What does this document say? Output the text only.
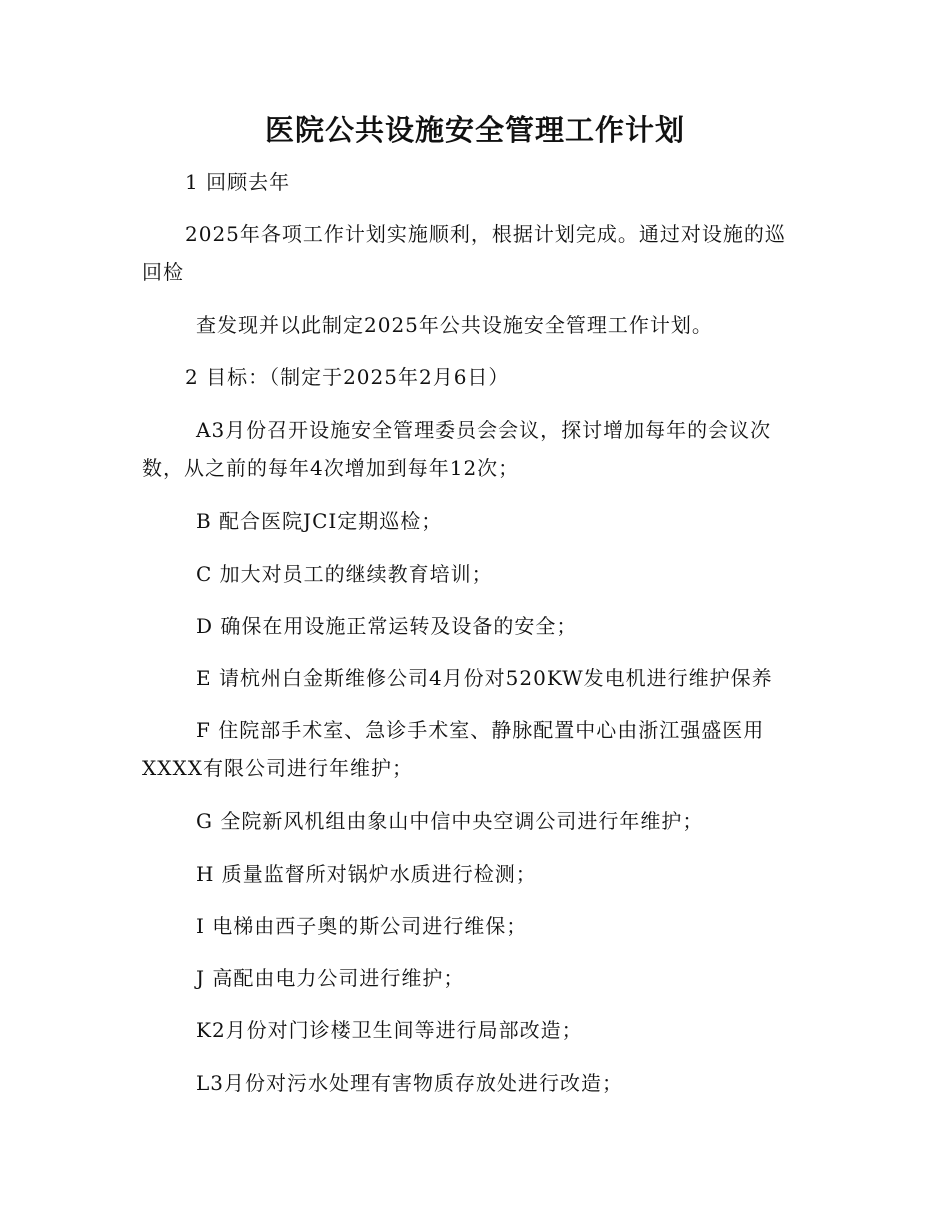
医院公共设施安全管理工作计划

1 回顾去年

2025年各项工作计划实施顺利，根据计划完成。通过对设施的巡回检

查发现并以此制定2025年公共设施安全管理工作计划。

2 目标：（制定于2025年2月6日）

A3月份召开设施安全管理委员会会议，探讨增加每年的会议次数，从之前的每年4次增加到每年12次；

B 配合医院JCI定期巡检；

C 加大对员工的继续教育培训；

D 确保在用设施正常运转及设备的安全；

E 请杭州白金斯维修公司4月份对520KW发电机进行维护保养

F 住院部手术室、急诊手术室、静脉配置中心由浙江强盛医用XXXX有限公司进行年维护；

G 全院新风机组由象山中信中央空调公司进行年维护；

H 质量监督所对锅炉水质进行检测；

I 电梯由西子奥的斯公司进行维保；

J 高配由电力公司进行维护；

K2月份对门诊楼卫生间等进行局部改造；

L3月份对污水处理有害物质存放处进行改造；
